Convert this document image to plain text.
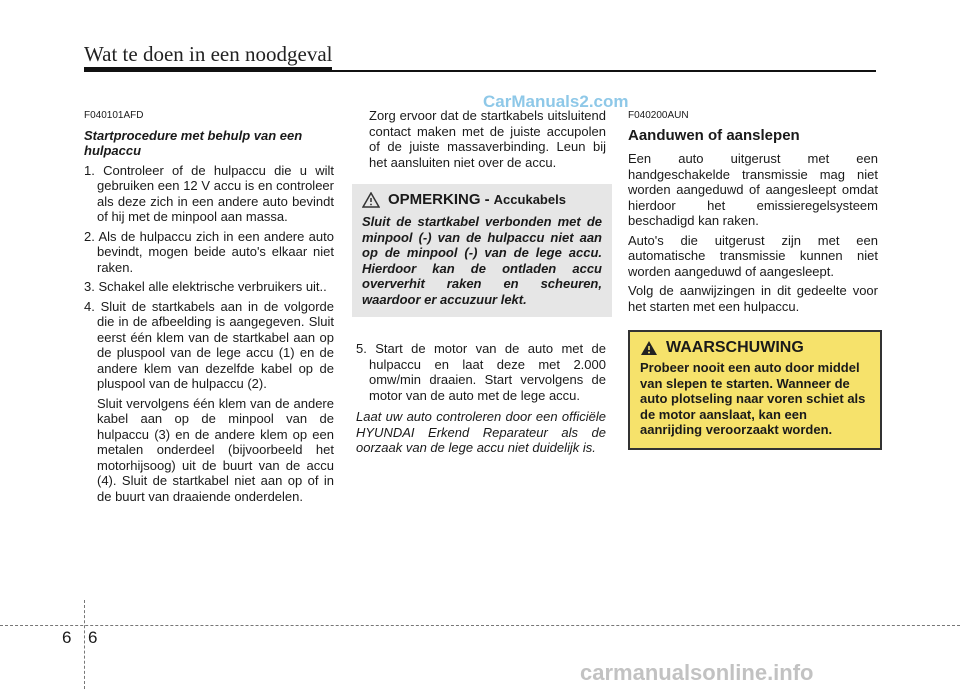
Wat te doen in een noodgeval
CarManuals2.com

F040101AFD

Startprocedure met behulp van een hulpaccu

1. Controleer of de hulpaccu die u wilt gebruiken een 12 V accu is en controleer als deze zich in een andere auto bevindt of hij met de minpool aan massa.
2. Als de hulpaccu zich in een andere auto bevindt, mogen beide auto's elkaar niet raken.
3. Schakel alle elektrische verbruikers uit..
4. Sluit de startkabels aan in de volgorde die in de afbeelding is aangegeven. Sluit eerst één klem van de startkabel aan op de pluspool van de lege accu (1) en de andere klem van dezelfde kabel op de pluspool van de hulpaccu (2).

Sluit vervolgens één klem van de andere kabel aan op de minpool van de hulpaccu (3) en de andere klem op een metalen onderdeel (bijvoorbeeld het motorhijsoog) uit de buurt van de accu (4). Sluit de startkabel niet aan op of in de buurt van draaiende onderdelen.

Zorg ervoor dat de startkabels uitsluitend contact maken met de juiste accupolen of de juiste massaverbinding. Leun bij het aansluiten niet over de accu.

OPMERKING - Accukabels
Sluit de startkabel verbonden met de minpool (-) van de hulpaccu niet aan op de minpool (-) van de lege accu. Hierdoor kan de ontladen accu oververhit raken en scheuren, waardoor er accuzuur lekt.
5. Start de motor van de auto met de hulpaccu en laat deze met 2.000 omw/min draaien. Start vervolgens de motor van de auto met de lege accu.

Laat uw auto controleren door een officiële HYUNDAI Erkend Reparateur als de oorzaak van de lege accu niet duidelijk is.

F040200AUN

Aanduwen of aanslepen

Een auto uitgerust met een handgeschakelde transmissie mag niet worden aangeduwd of aangesleept omdat hierdoor het emissieregelsysteem beschadigd kan raken.

Auto's die uitgerust zijn met een automatische transmissie kunnen niet worden aangeduwd of aangesleept.

Volg de aanwijzingen in dit gedeelte voor het starten met een hulpaccu.

WAARSCHUWING
Probeer nooit een auto door middel van slepen te starten. Wanneer de auto plotseling naar voren schiet als de motor aanslaat, kan een aanrijding veroorzaakt worden.
6 6
carmanualsonline.info
